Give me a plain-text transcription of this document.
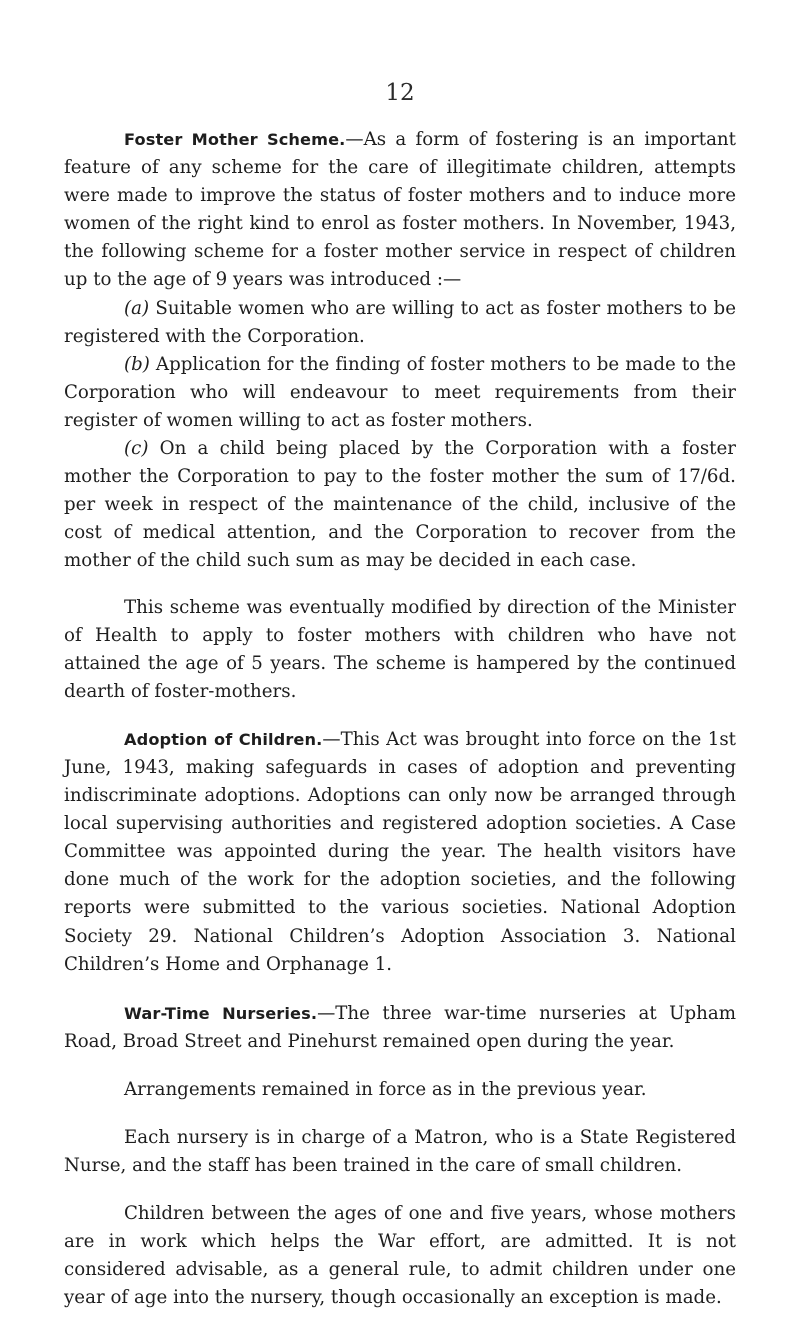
12

Foster Mother Scheme.—As a form of fostering is an important feature of any scheme for the care of illegitimate children, attempts were made to improve the status of foster mothers and to induce more women of the right kind to enrol as foster mothers. In November, 1943, the following scheme for a foster mother service in respect of children up to the age of 9 years was introduced :—

(a) Suitable women who are willing to act as foster mothers to be registered with the Corporation.

(b) Application for the finding of foster mothers to be made to the Corporation who will endeavour to meet requirements from their register of women willing to act as foster mothers.

(c) On a child being placed by the Corporation with a foster mother the Corporation to pay to the foster mother the sum of 17/6d. per week in respect of the maintenance of the child, inclusive of the cost of medical attention, and the Corporation to recover from the mother of the child such sum as may be decided in each case.

This scheme was eventually modified by direction of the Minister of Health to apply to foster mothers with children who have not attained the age of 5 years. The scheme is hampered by the continued dearth of foster-mothers.

Adoption of Children.—This Act was brought into force on the 1st June, 1943, making safeguards in cases of adoption and preventing indiscriminate adoptions. Adoptions can only now be arranged through local supervising authorities and registered adoption societies. A Case Committee was appointed during the year. The health visitors have done much of the work for the adoption societies, and the following reports were submitted to the various societies. National Adoption Society 29. National Children’s Adoption Association 3. National Children’s Home and Orphanage 1.

War-Time Nurseries.—The three war-time nurseries at Upham Road, Broad Street and Pinehurst remained open during the year.

Arrangements remained in force as in the previous year.

Each nursery is in charge of a Matron, who is a State Registered Nurse, and the staff has been trained in the care of small children.

Children between the ages of one and five years, whose mothers are in work which helps the War effort, are admitted. It is not considered advisable, as a general rule, to admit children under one year of age into the nursery, though occasionally an exception is made.
